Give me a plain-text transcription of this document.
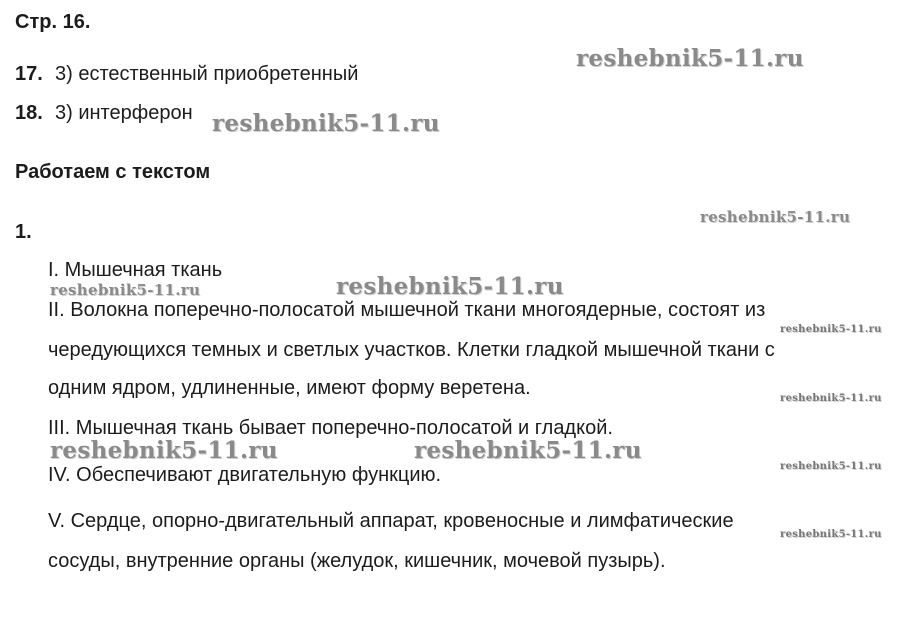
Стр. 16.
17. 3) естественный приобретенный
18. 3) интерферон
Работаем с текстом
1.
I. Мышечная ткань
II. Волокна поперечно-полосатой мышечной ткани многоядерные, состоят из
чередующихся темных и светлых участков. Клетки гладкой мышечной ткани с
одним ядром, удлиненные, имеют форму веретена.
III. Мышечная ткань бывает поперечно-полосатой и гладкой.
IV. Обеспечивают двигательную функцию.
V. Сердце, опорно-двигательный аппарат, кровеносные и лимфатические
сосуды, внутренние органы (желудок, кишечник, мочевой пузырь).
reshebnik5-11.ru
reshebnik5-11.ru
reshebnik5-11.ru
reshebnik5-11.ru
reshebnik5-11.ru
reshebnik5-11.ru
reshebnik5-11.ru
reshebnik5-11.ru	reshebnik5-11.ru
reshebnik5-11.ru
reshebnik5-11.ru
